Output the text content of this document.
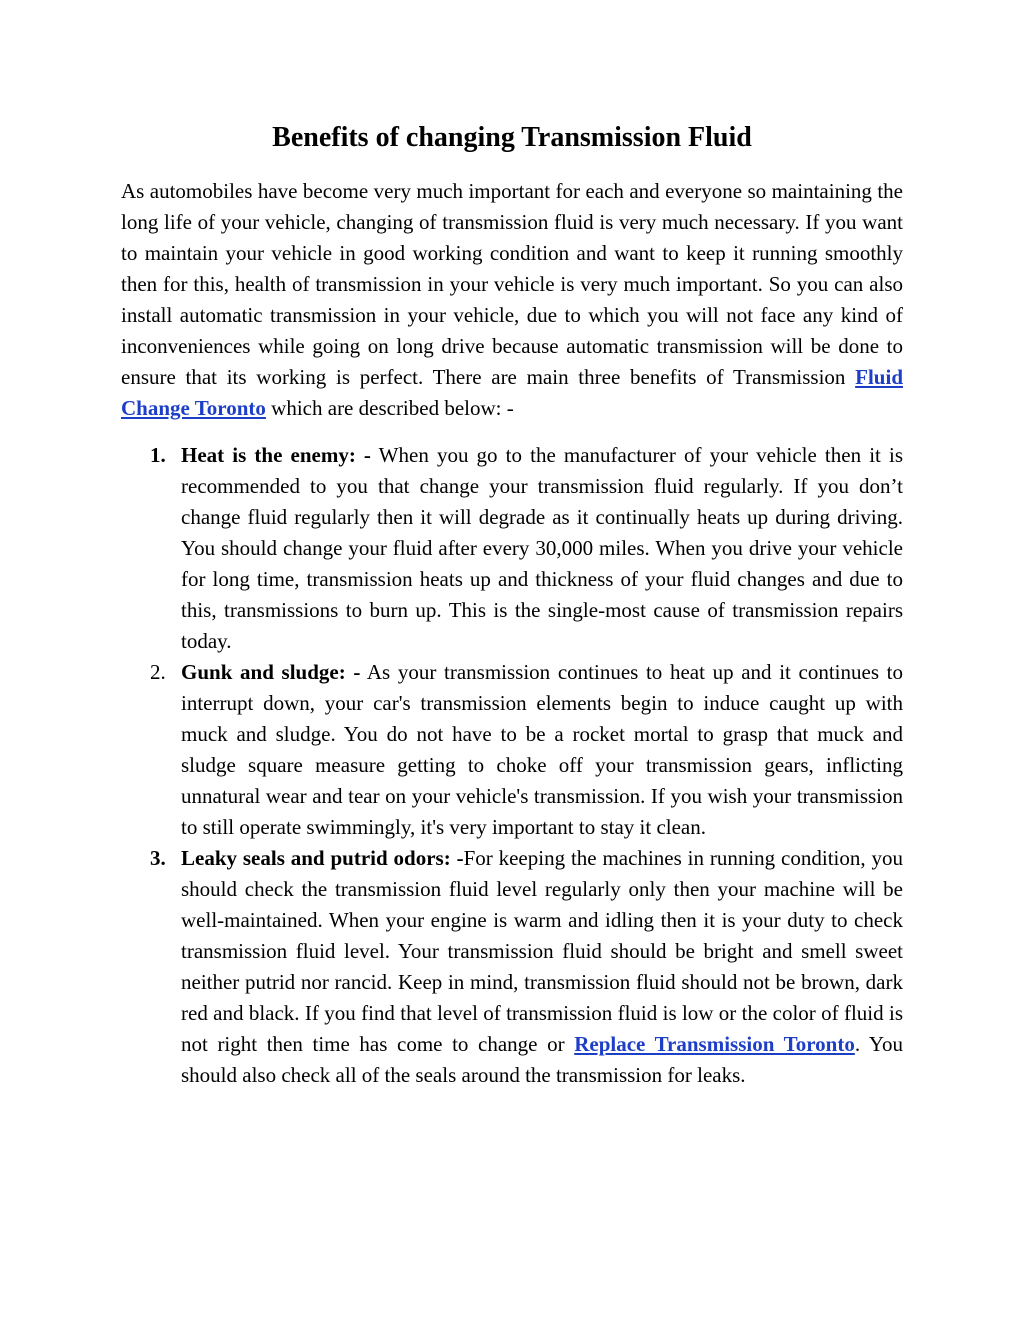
Benefits of changing Transmission Fluid

As automobiles have become very much important for each and everyone so maintaining the long life of your vehicle, changing of transmission fluid is very much necessary. If you want to maintain your vehicle in good working condition and want to keep it running smoothly then for this, health of transmission in your vehicle is very much important. So you can also install automatic transmission in your vehicle, due to which you will not face any kind of inconveniences while going on long drive because automatic transmission will be done to ensure that its working is perfect. There are main three benefits of Transmission Fluid Change Toronto which are described below: -

1. Heat is the enemy: - When you go to the manufacturer of your vehicle then it is recommended to you that change your transmission fluid regularly. If you don’t change fluid regularly then it will degrade as it continually heats up during driving. You should change your fluid after every 30,000 miles. When you drive your vehicle for long time, transmission heats up and thickness of your fluid changes and due to this, transmissions to burn up. This is the single-most cause of transmission repairs today.
2. Gunk and sludge: - As your transmission continues to heat up and it continues to interrupt down, your car's transmission elements begin to induce caught up with muck and sludge. You do not have to be a rocket mortal to grasp that muck and sludge square measure getting to choke off your transmission gears, inflicting unnatural wear and tear on your vehicle's transmission. If you wish your transmission to still operate swimmingly, it's very important to stay it clean.
3. Leaky seals and putrid odors: -For keeping the machines in running condition, you should check the transmission fluid level regularly only then your machine will be well-maintained. When your engine is warm and idling then it is your duty to check transmission fluid level. Your transmission fluid should be bright and smell sweet neither putrid nor rancid. Keep in mind, transmission fluid should not be brown, dark red and black. If you find that level of transmission fluid is low or the color of fluid is not right then time has come to change or Replace Transmission Toronto. You should also check all of the seals around the transmission for leaks.
